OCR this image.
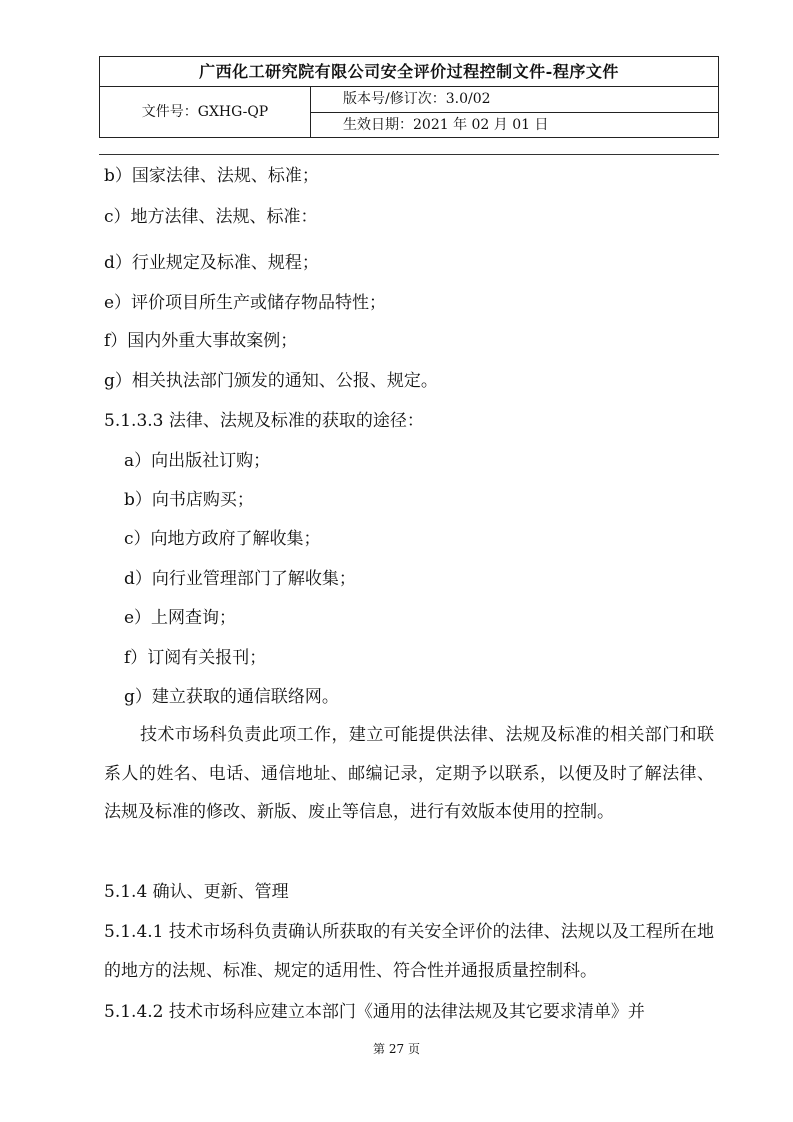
广西化工研究院有限公司安全评价过程控制文件-程序文件
文件号：GXHG-QP
版本号/修订次：3.0/02
生效日期：2021 年 02 月 01 日
b）国家法律、法规、标准；
c）地方法律、法规、标准：
d）行业规定及标准、规程；
e）评价项目所生产或储存物品特性；
f）国内外重大事故案例；
g）相关执法部门颁发的通知、公报、规定。
5.1.3.3 法律、法规及标准的获取的途径：
a）向出版社订购；
b）向书店购买；
c）向地方政府了解收集；
d）向行业管理部门了解收集；
e）上网查询；
f）订阅有关报刊；
g）建立获取的通信联络网。
技术市场科负责此项工作，建立可能提供法律、法规及标准的相关部门和联系人的姓名、电话、通信地址、邮编记录，定期予以联系，以便及时了解法律、法规及标准的修改、新版、废止等信息，进行有效版本使用的控制。
5.1.4 确认、更新、管理
5.1.4.1 技术市场科负责确认所获取的有关安全评价的法律、法规以及工程所在地的地方的法规、标准、规定的适用性、符合性并通报质量控制科。
5.1.4.2 技术市场科应建立本部门《通用的法律法规及其它要求清单》并
第 27 页
